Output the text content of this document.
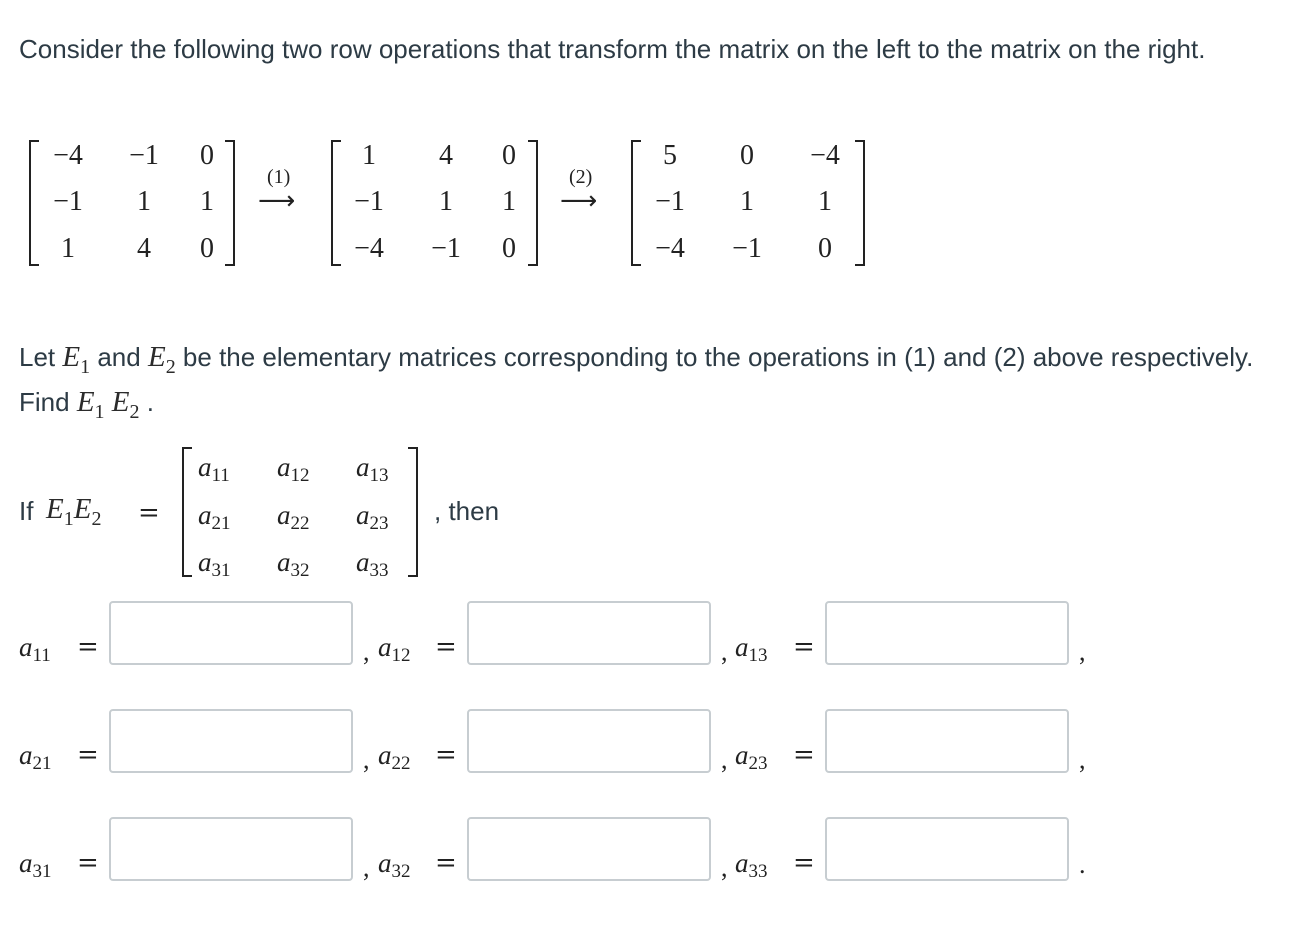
Consider the following two row operations that transform the matrix on the left to the matrix on the right.

−4	−1	0
−1	1	1
1	4	0
(1)
⟶
1	4	0
−1	1	1
−4	−1	0
(2)
⟶
5	0	−4
−1	1	1
−4	−1	0

Let $E_1$ and $E_2$ be the elementary matrices corresponding to the operations in (1) and (2) above respectively. Find $E_1$ $E_2$ .

If $E_1E_2$ =
a11 a12 a13
a21 a22 a23
a31 a32 a33
, then
a11 =	, a12 =	, a13 =	,
a21 =	, a22 =	, a23 =	,
a31 =	, a32 =	, a33 =	.
